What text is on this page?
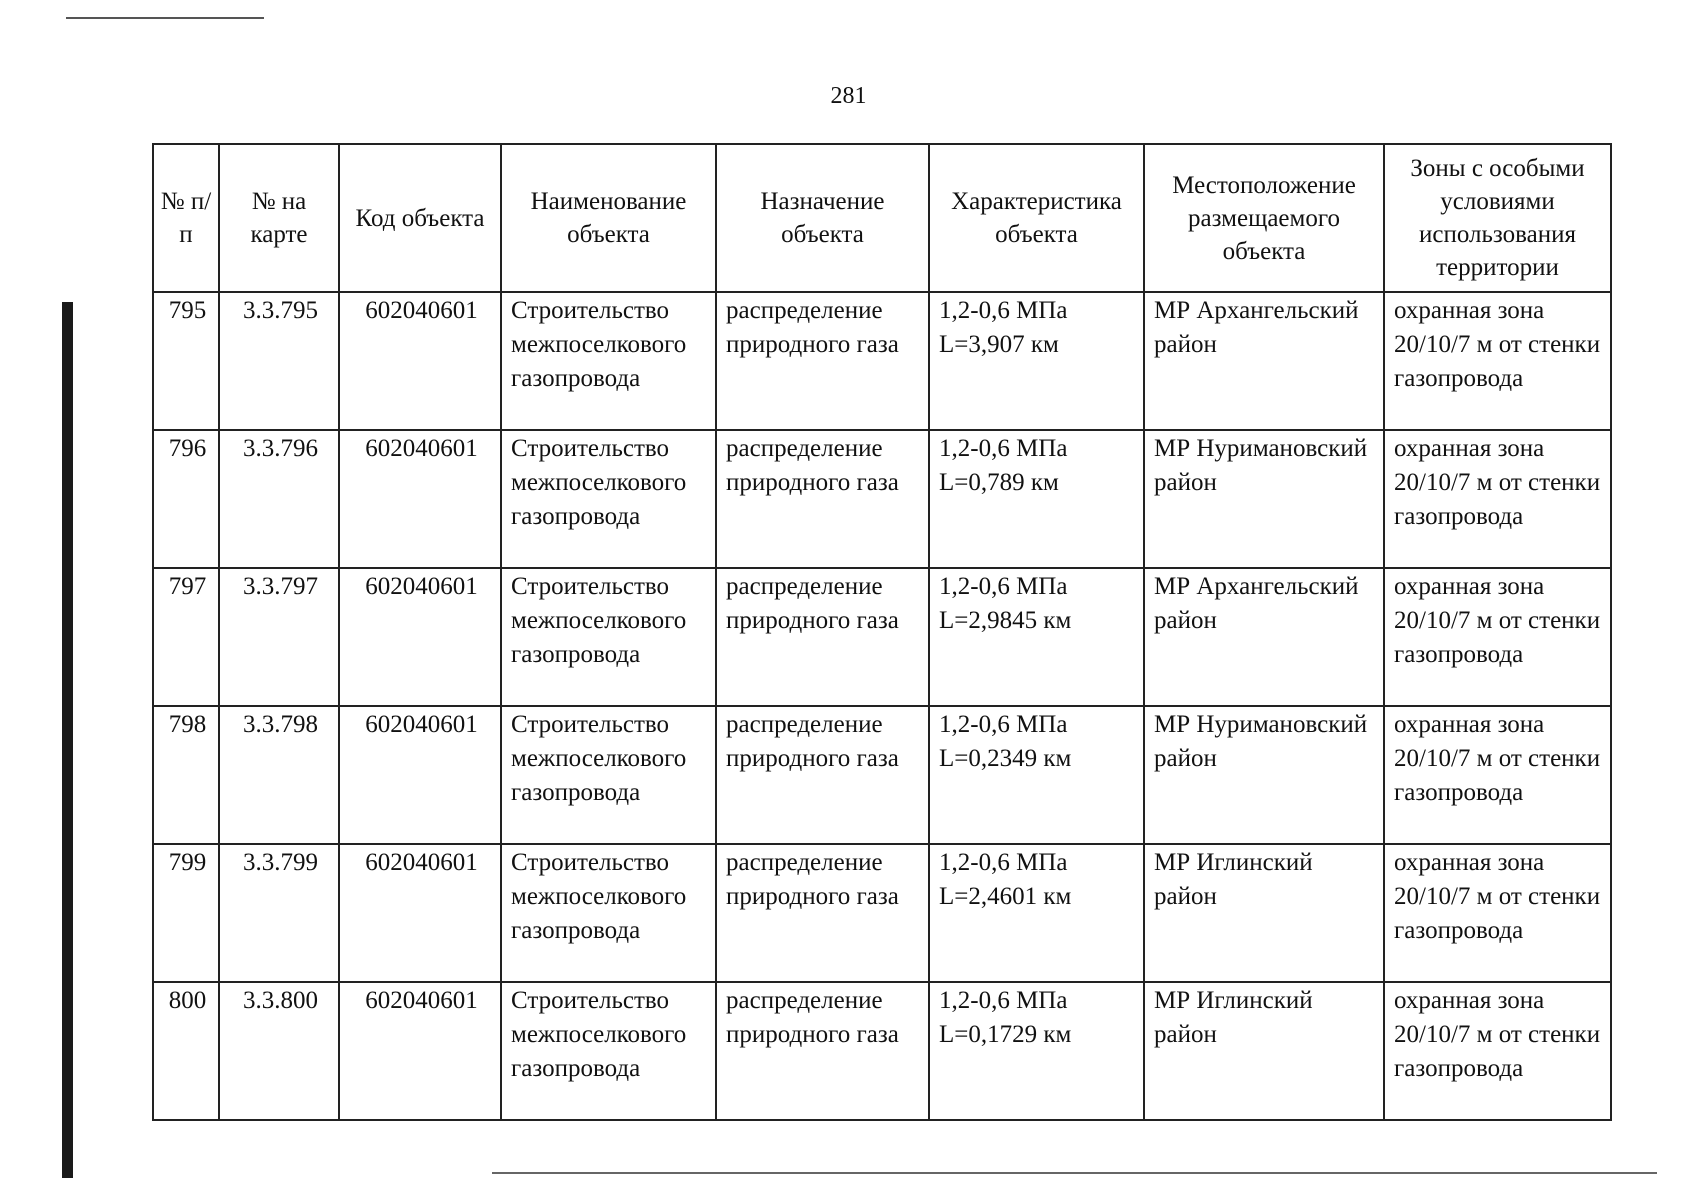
281
№ п/п	№ на карте	Код объекта	Наименование объекта	Назначение объекта	Характеристика объекта	Местоположение размещаемого объекта	Зоны с особыми условиями использования территории
795	3.3.795	602040601	Строительство межпоселкового газопровода	распределение природного газа	1,2-0,6 МПа L=3,907 км	МР Архангельский район	охранная зона 20/10/7 м от стенки газопровода
796	3.3.796	602040601	Строительство межпоселкового газопровода	распределение природного газа	1,2-0,6 МПа L=0,789 км	МР Нуримановский район	охранная зона 20/10/7 м от стенки газопровода
797	3.3.797	602040601	Строительство межпоселкового газопровода	распределение природного газа	1,2-0,6 МПа L=2,9845 км	МР Архангельский район	охранная зона 20/10/7 м от стенки газопровода
798	3.3.798	602040601	Строительство межпоселкового газопровода	распределение природного газа	1,2-0,6 МПа L=0,2349 км	МР Нуримановский район	охранная зона 20/10/7 м от стенки газопровода
799	3.3.799	602040601	Строительство межпоселкового газопровода	распределение природного газа	1,2-0,6 МПа L=2,4601 км	МР Иглинский район	охранная зона 20/10/7 м от стенки газопровода
800	3.3.800	602040601	Строительство межпоселкового газопровода	распределение природного газа	1,2-0,6 МПа L=0,1729 км	МР Иглинский район	охранная зона 20/10/7 м от стенки газопровода
